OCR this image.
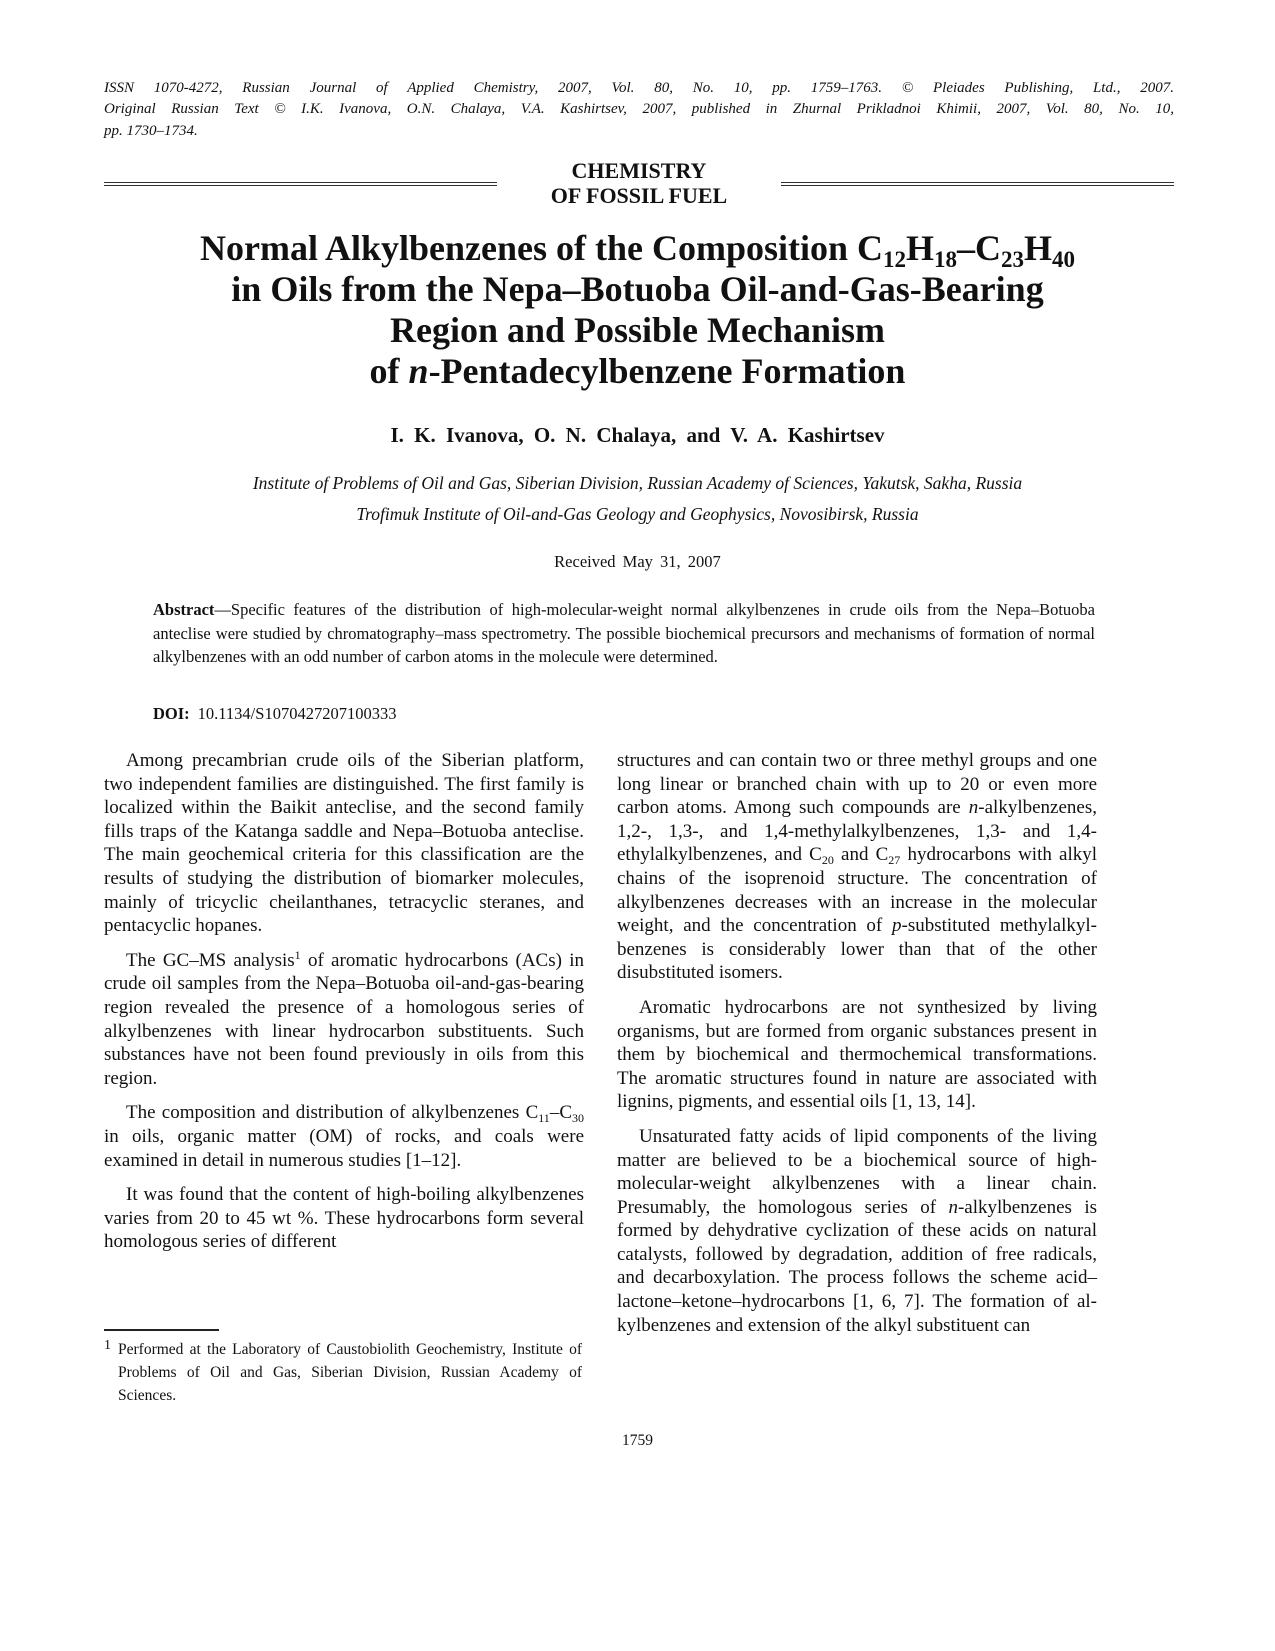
ISSN 1070-4272, Russian Journal of Applied Chemistry, 2007, Vol. 80, No. 10, pp. 1759–1763. © Pleiades Publishing, Ltd., 2007.
Original Russian Text © I.K. Ivanova, O.N. Chalaya, V.A. Kashirtsev, 2007, published in Zhurnal Prikladnoi Khimii, 2007, Vol. 80, No. 10,
pp. 1730–1734.
CHEMISTRY
OF FOSSIL FUEL
Normal Alkylbenzenes of the Composition $C_{12}H_{18}-C_{23}H_{40}$
in Oils from the Nepa–Botuoba Oil-and-Gas-Bearing
Region and Possible Mechanism
of n-Pentadecylbenzene Formation
I. K. Ivanova, O. N. Chalaya, and V. A. Kashirtsev
Institute of Problems of Oil and Gas, Siberian Division, Russian Academy of Sciences, Yakutsk, Sakha, Russia
Trofimuk Institute of Oil-and-Gas Geology and Geophysics, Novosibirsk, Russia
Received May 31, 2007
Abstract—Specific features of the distribution of high-molecular-weight normal alkylbenzenes in crude oils from the Nepa–Botuoba anteclise were studied by chromatography–mass spectrometry. The possible biochemical precursors and mechanisms of formation of normal alkylbenzenes with an odd number of carbon atoms in the molecule were determined.
DOI: 10.1134/S1070427207100333

Among precambrian crude oils of the Siberian platform, two independent families are distinguished. The first family is localized within the Baikit anteclise, and the second family fills traps of the Katanga saddle and Nepa–Botuoba anteclise. The main geochemical criteria for this classification are the results of studying the distribution of biomarker molecules, mainly of tricyclic cheilanthanes, tetracyclic steranes, and pentacyclic hopanes.

The GC–MS analysis$^1$ of aromatic hydrocarbons (ACs) in crude oil samples from the Nepa–Botuoba oil-and-gas-bearing region revealed the presence of a homologous series of alkylbenzenes with linear hydrocarbon substituents. Such substances have not been found previously in oils from this region.

The composition and distribution of alkylbenzenes $C_{11}-C_{30}$ in oils, organic matter (OM) of rocks, and coals were examined in detail in numerous studies [1–12].

It was found that the content of high-boiling alkylbenzenes varies from 20 to 45 wt %. These hydrocarbons form several homologous series of different

structures and can contain two or three methyl groups and one long linear or branched chain with up to 20 or even more carbon atoms. Among such compounds are n-alkylbenzenes, 1,2-, 1,3-, and 1,4-methylalkylbenzenes, 1,3- and 1,4-ethylalkylbenzenes, and $C_{20}$ and $C_{27}$ hydrocarbons with alkyl chains of the isoprenoid structure. The concentration of alkylbenzenes decreases with an increase in the molecular weight, and the concentration of p-substituted methylalkylbenzenes is considerably lower than that of the other disubstituted isomers.

Aromatic hydrocarbons are not synthesized by living organisms, but are formed from organic substances present in them by biochemical and thermochemical transformations. The aromatic structures found in nature are associated with lignins, pigments, and essential oils [1, 13, 14].

Unsaturated fatty acids of lipid components of the living matter are believed to be a biochemical source of high-molecular-weight alkylbenzenes with a linear chain. Presumably, the homologous series of n-alkylbenzenes is formed by dehydrative cyclization of these acids on natural catalysts, followed by degradation, addition of free radicals, and decarboxylation. The process follows the scheme acid–lactone–ketone–hydrocarbons [1, 6, 7]. The formation of alkylbenzenes and extension of the alkyl substituent can

1 Performed at the Laboratory of Caustobiolith Geochemistry, Institute of Problems of Oil and Gas, Siberian Division, Russian Academy of Sciences.
1759
